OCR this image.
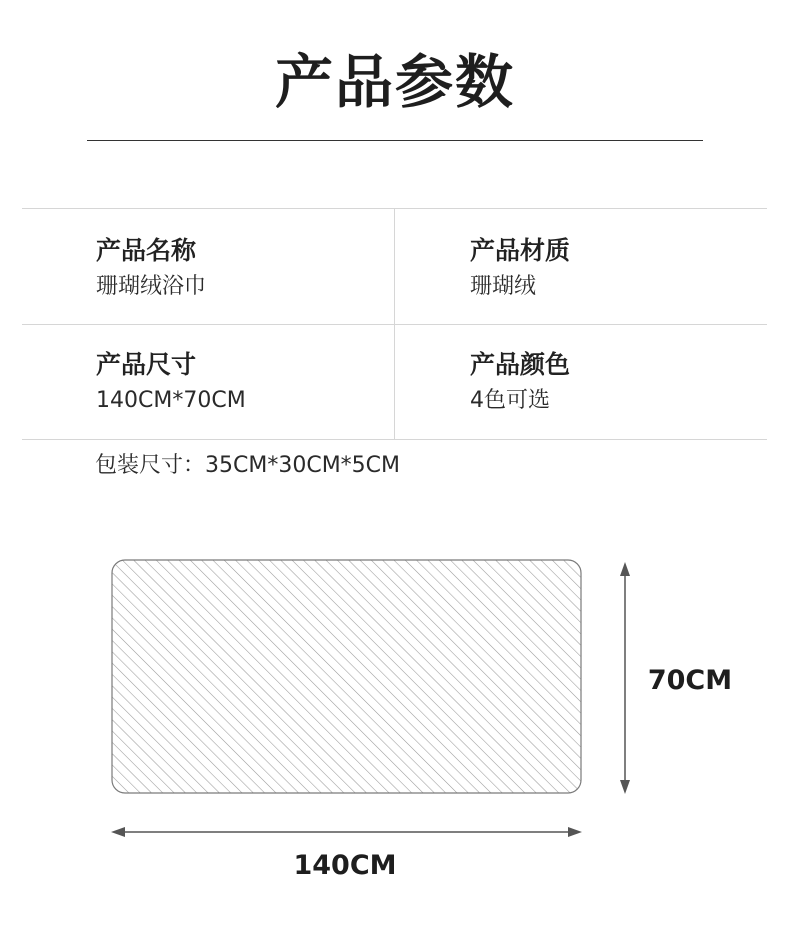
产品参数
产品名称
珊瑚绒浴巾
产品材质
珊瑚绒
产品尺寸
140CM*70CM
产品颜色
4色可选
包装尺寸：35CM*30CM*5CM
70CM
140CM
